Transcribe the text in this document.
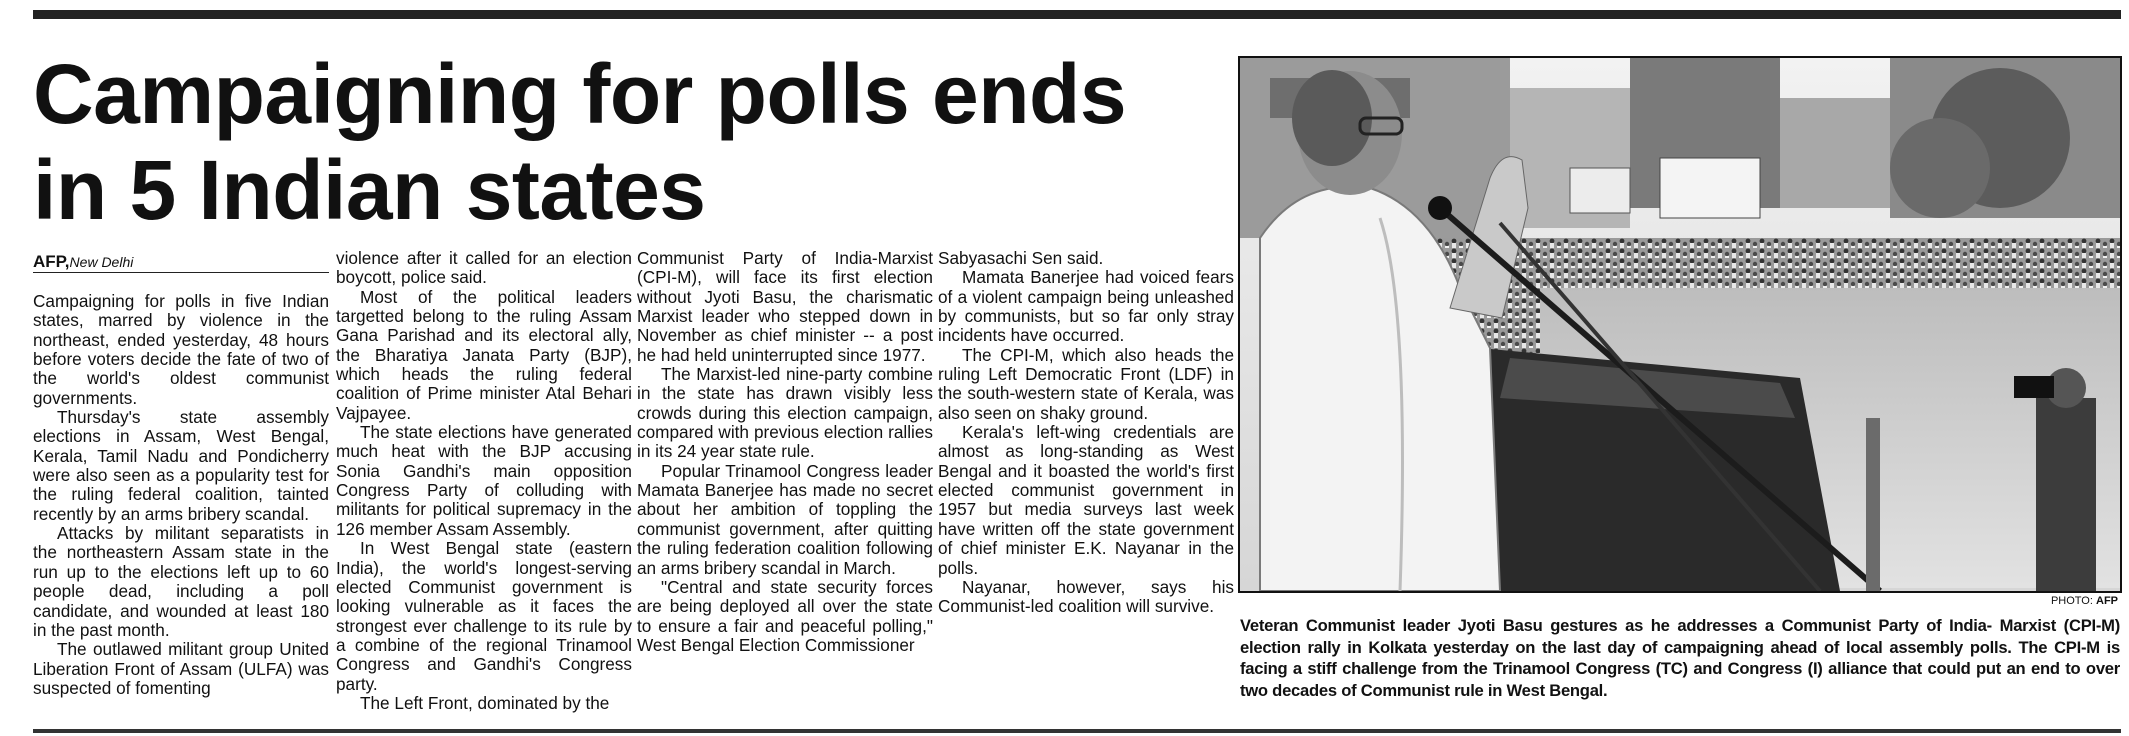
Campaigning for polls ends in 5 Indian states
AFP,New Delhi

Campaigning for polls in five Indian states, marred by violence in the northeast, ended yesterday, 48 hours before voters decide the fate of two of the world's oldest communist governments.

Thursday's state assembly elections in Assam, West Bengal, Kerala, Tamil Nadu and Pondicherry were also seen as a popularity test for the ruling federal coalition, tainted recently by an arms bribery scandal.

Attacks by militant separatists in the northeastern Assam state in the run up to the elections left up to 60 people dead, including a poll candidate, and wounded at least 180 in the past month.

The outlawed militant group United Liberation Front of Assam (ULFA) was suspected of fomenting

violence after it called for an election boycott, police said.

Most of the political leaders targetted belong to the ruling Assam Gana Parishad and its electoral ally, the Bharatiya Janata Party (BJP), which heads the ruling federal coalition of Prime minister Atal Behari Vajpayee.

The state elections have generated much heat with the BJP accusing Sonia Gandhi's main opposition Congress Party of colluding with militants for political supremacy in the 126 member Assam Assembly.

In West Bengal state (eastern India), the world's longest-serving elected Communist government is looking vulnerable as it faces the strongest ever challenge to its rule by a combine of the regional Trinamool Congress and Gandhi's Congress party.

The Left Front, dominated by the

Communist Party of India-Marxist (CPI-M), will face its first election without Jyoti Basu, the charismatic Marxist leader who stepped down in November as chief minister -- a post he had held uninterrupted since 1977.

The Marxist-led nine-party combine in the state has drawn visibly less crowds during this election campaign, compared with previous election rallies in its 24 year state rule.

Popular Trinamool Congress leader Mamata Banerjee has made no secret about her ambition of toppling the communist government, after quitting the ruling federation coalition following an arms bribery scandal in March.

"Central and state security forces are being deployed all over the state to ensure a fair and peaceful polling," West Bengal Election Commissioner

Sabyasachi Sen said.

Mamata Banerjee had voiced fears of a violent campaign being unleashed by communists, but so far only stray incidents have occurred.

The CPI-M, which also heads the ruling Left Democratic Front (LDF) in the south-western state of Kerala, was also seen on shaky ground.

Kerala's left-wing credentials are almost as long-standing as West Bengal and it boasted the world's first elected communist government in 1957 but media surveys last week have written off the state government of chief minister E.K. Nayanar in the polls.

Nayanar, however, says his Communist-led coalition will survive.	PHOTO: AFP

Veteran Communist leader Jyoti Basu gestures as he addresses a Communist Party of India- Marxist (CPI-M) election rally in Kolkata yesterday on the last day of campaigning ahead of local assembly polls. The CPI-M is facing a stiff challenge from the Trinamool Congress (TC) and Congress (I) alliance that could put an end to over two decades of Communist rule in West Bengal.
